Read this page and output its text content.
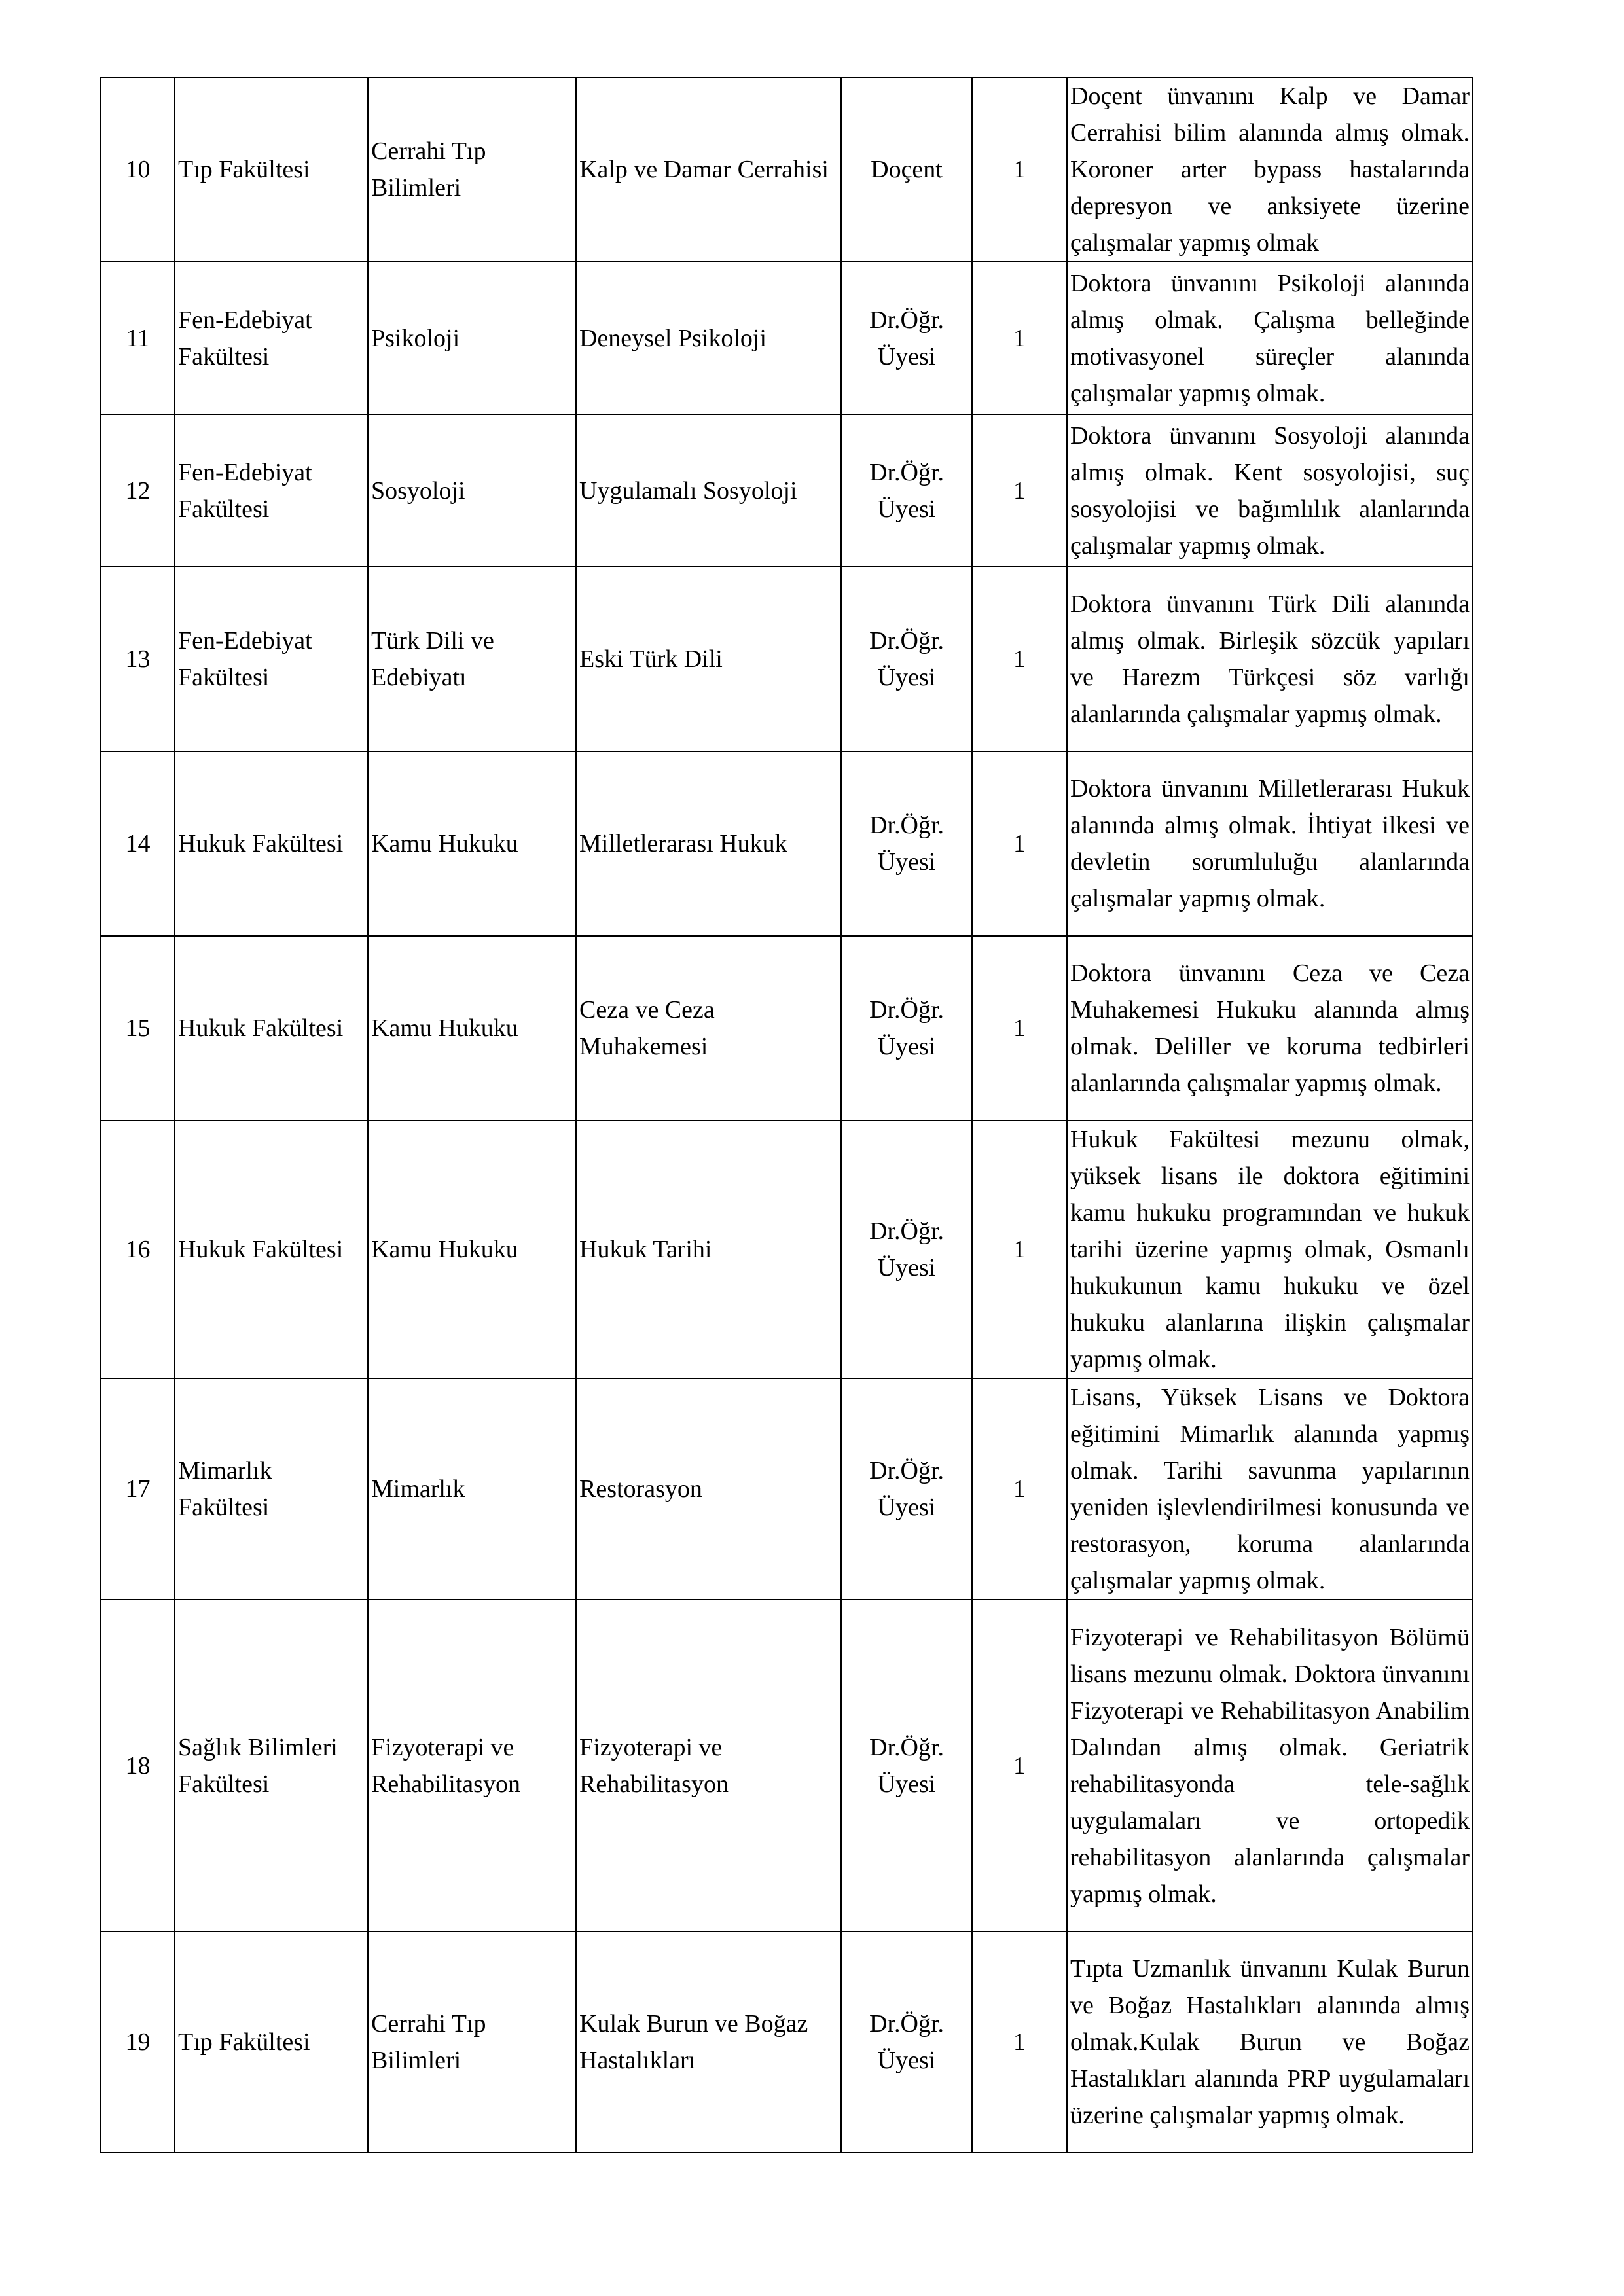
10	Tıp Fakültesi	Cerrahi Tıp Bilimleri	Kalp ve Damar Cerrahisi	Doçent	1	Doçent ünvanını Kalp ve Damar Cerrahisi bilim alanında almış olmak. Koroner arter bypass hastalarında depresyon ve anksiyete üzerine çalışmalar yapmış olmak
11	Fen-Edebiyat Fakültesi	Psikoloji	Deneysel Psikoloji	Dr.Öğr. Üyesi	1	Doktora ünvanını Psikoloji alanında almış olmak. Çalışma belleğinde motivasyonel süreçler alanında çalışmalar yapmış olmak.
12	Fen-Edebiyat Fakültesi	Sosyoloji	Uygulamalı Sosyoloji	Dr.Öğr. Üyesi	1	Doktora ünvanını Sosyoloji alanında almış olmak. Kent sosyolojisi, suç sosyolojisi ve bağımlılık alanlarında çalışmalar yapmış olmak.
13	Fen-Edebiyat Fakültesi	Türk Dili ve Edebiyatı	Eski Türk Dili	Dr.Öğr. Üyesi	1	Doktora ünvanını Türk Dili alanında almış olmak. Birleşik sözcük yapıları ve Harezm Türkçesi söz varlığı alanlarında çalışmalar yapmış olmak.
14	Hukuk Fakültesi	Kamu Hukuku	Milletlerarası Hukuk	Dr.Öğr. Üyesi	1	Doktora ünvanını Milletlerarası Hukuk alanında almış olmak. İhtiyat ilkesi ve devletin sorumluluğu alanlarında çalışmalar yapmış olmak.
15	Hukuk Fakültesi	Kamu Hukuku	Ceza ve Ceza Muhakemesi	Dr.Öğr. Üyesi	1	Doktora ünvanını Ceza ve Ceza Muhakemesi Hukuku alanında almış olmak. Deliller ve koruma tedbirleri alanlarında çalışmalar yapmış olmak.
16	Hukuk Fakültesi	Kamu Hukuku	Hukuk Tarihi	Dr.Öğr. Üyesi	1	Hukuk Fakültesi mezunu olmak, yüksek lisans ile doktora eğitimini kamu hukuku programından ve hukuk tarihi üzerine yapmış olmak, Osmanlı hukukunun kamu hukuku ve özel hukuku alanlarına ilişkin çalışmalar yapmış olmak.
17	Mimarlık Fakültesi	Mimarlık	Restorasyon	Dr.Öğr. Üyesi	1	Lisans, Yüksek Lisans ve Doktora eğitimini Mimarlık alanında yapmış olmak. Tarihi savunma yapılarının yeniden işlevlendirilmesi konusunda ve restorasyon, koruma alanlarında çalışmalar yapmış olmak.
18	Sağlık Bilimleri Fakültesi	Fizyoterapi ve Rehabilitasyon	Fizyoterapi ve Rehabilitasyon	Dr.Öğr. Üyesi	1	Fizyoterapi ve Rehabilitasyon Bölümü lisans mezunu olmak. Doktora ünvanını Fizyoterapi ve Rehabilitasyon Anabilim Dalından almış olmak. Geriatrik rehabilitasyonda tele-sağlık uygulamaları ve ortopedik rehabilitasyon alanlarında çalışmalar yapmış olmak.
19	Tıp Fakültesi	Cerrahi Tıp Bilimleri	Kulak Burun ve Boğaz Hastalıkları	Dr.Öğr. Üyesi	1	Tıpta Uzmanlık ünvanını Kulak Burun ve Boğaz Hastalıkları alanında almış olmak.Kulak Burun ve Boğaz Hastalıkları alanında PRP uygulamaları üzerine çalışmalar yapmış olmak.
